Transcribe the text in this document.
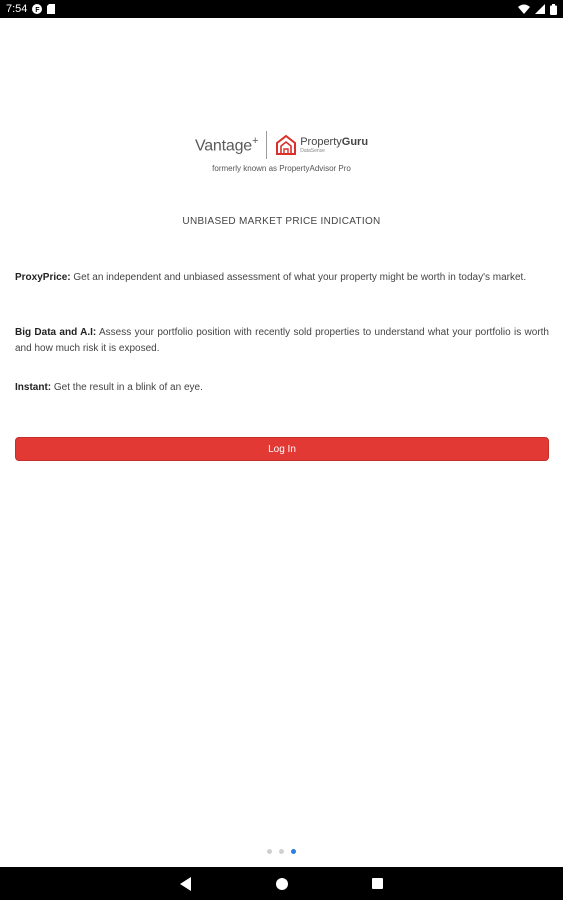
7:54 F
Vantage+	PropertyGuru
DataSense
formerly known as PropertyAdvisor Pro
UNBIASED MARKET PRICE INDICATION

ProxyPrice: Get an independent and unbiased assessment of what your property might be worth in today's market.

Big Data and A.I: Assess your portfolio position with recently sold properties to understand what your portfolio is worth and how much risk it is exposed.

Instant: Get the result in a blink of an eye.

Log In
